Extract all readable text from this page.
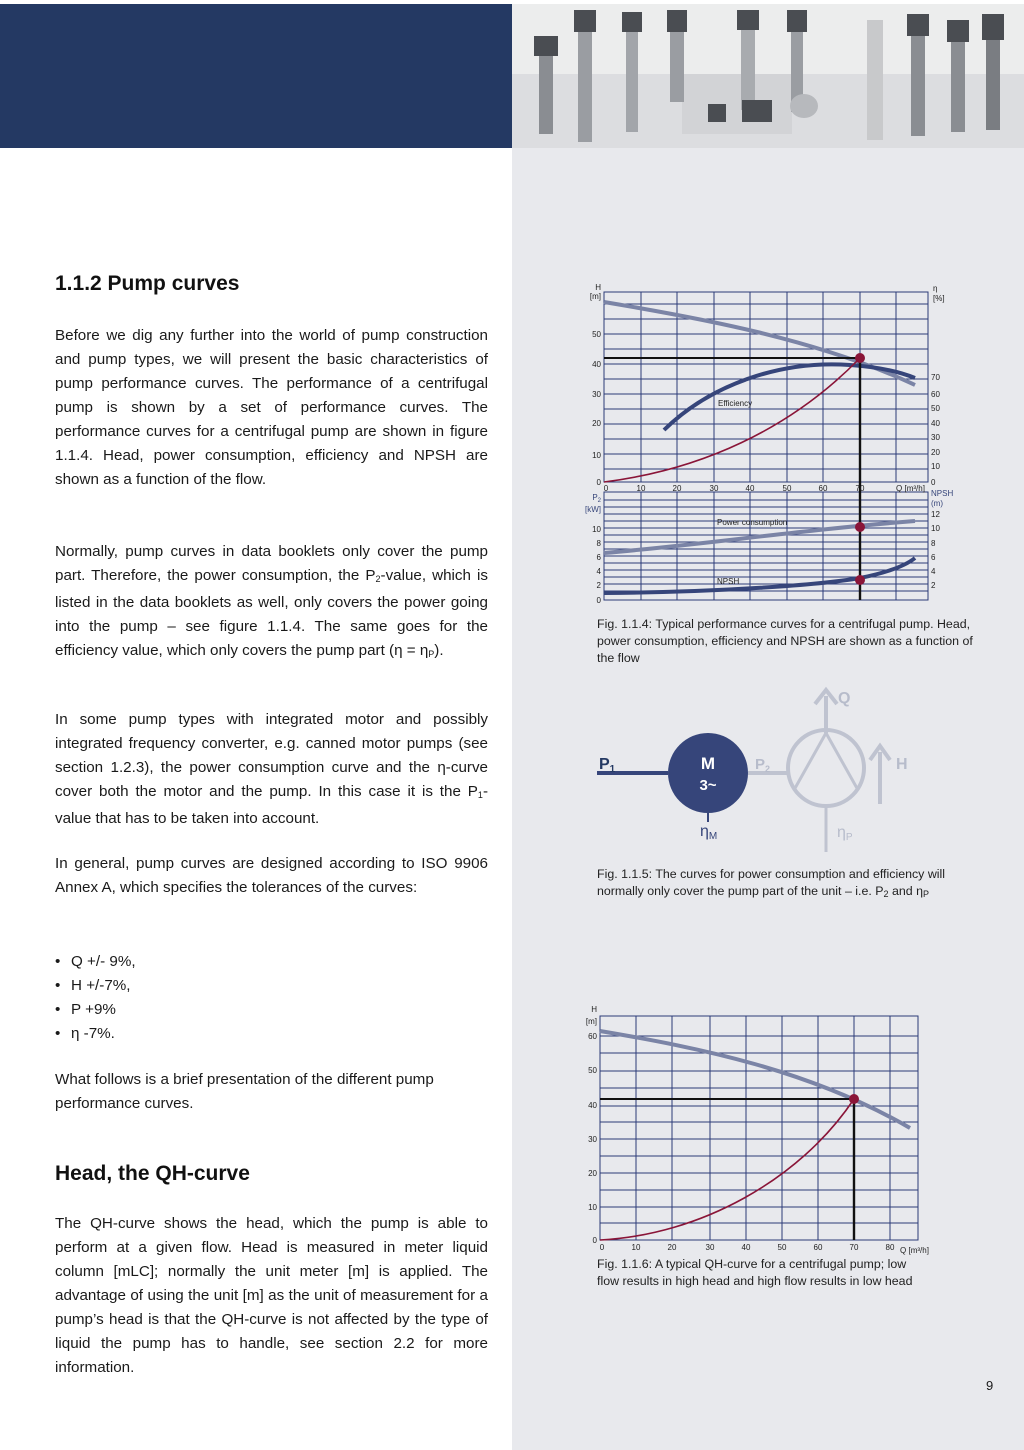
1.1.2 Pump curves

Before we dig any further into the world of pump construction and pump types, we will present the basic characteristics of pump performance curves. The performance of a centrifugal pump is shown by a set of performance curves. The performance curves for a centrifugal pump are shown in figure 1.1.4. Head, power consumption, efficiency and NPSH are shown as a function of the flow.

Normally, pump curves in data booklets only cover the pump part. Therefore, the power consumption, the $P_2$-value, which is listed in the data booklets as well, only covers the power going into the pump – see figure 1.1.4. The same goes for the efficiency value, which only covers the pump part $(\eta = \eta_P)$.

In some pump types with integrated motor and possibly integrated frequency converter, e.g. canned motor pumps (see section 1.2.3), the power consumption curve and the η-curve cover both the motor and the pump. In this case it is the $P_1$-value that has to be taken into account.

In general, pump curves are designed according to ISO 9906 Annex A, which specifies the tolerances of the curves:

• Q +/- 9%,
• H +/-7%,
• P +9%
• η -7%.

What follows is a brief presentation of the different pump performance curves.

Head, the QH-curve

The QH-curve shows the head, which the pump is able to perform at a given flow. Head is measured in meter liquid column [mLC]; normally the unit meter [m] is applied. The advantage of using the unit [m] as the unit of measurement for a pump’s head is that the QH-curve is not affected by the type of liquid the pump has to handle, see section 2.2 for more information.

H
[m]
0
10
20
30
40
50
$P_2$
[kW]
0
2
4
6
8
10
0	10	20	30	40	50	60	70	Q [m³/h]
η
[%]
0
10
20
30
40
50
60
70
NPSH
(m)
12
10
8
6
4
2
Efficiency
Power consumption
NPSH

Fig. 1.1.4: Typical performance curves for a centrifugal pump. Head, power consumption, efficiency and NPSH are shown as a function of the flow

P1	M
3~
$P_2$
Q
H
ηM	ηP

Fig. 1.1.5: The curves for power consumption and efficiency will normally only cover the pump part of the unit – i.e. $P_2$ and $\eta_P$

H
[m]
0
10
20
30
40
50
60
0	10	20	30	40	50	60	70	80 Q [m³/h]

Fig. 1.1.6: A typical QH-curve for a centrifugal pump; low flow results in high head and high flow results in low head

9
